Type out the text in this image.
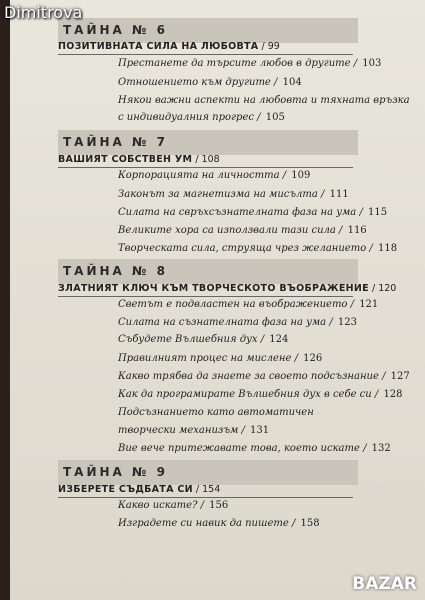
Dimitrova
ТАЙНА № 6
ПОЗИТИВНАТА СИЛА НА ЛЮБОВТА / 99
Престанете да търсите любов в другите / 103
Отношението към другите / 104
Някои важни аспекти на любовта и тяхната връзка
с индивидуалния прогрес / 105
ТАЙНА № 7
ВАШИЯТ СОБСТВЕН УМ / 108
Корпорацията на личността / 109
Законът за магнетизма на мисълта / 111
Силата на свръхсъзнателната фаза на ума / 115
Великите хора са използвали тази сила / 116
Творческата сила, струяща чрез желанието / 118
ТАЙНА № 8
ЗЛАТНИЯТ КЛЮЧ КЪМ ТВОРЧЕСКОТО ВЪОБРАЖЕНИЕ 120
Светът е подвластен на въображението / 121
Силата на съзнателната фаза на ума / 123
Събудете Вълшебния дух / 124
Правилният процес на мислене / 126
Какво трябва да знаете за своето подсъзнание / 127
Как да програмирате Вълшебния дух в себе си / 128
Подсъзнанието като автоматичен
творчески механизъм / 131
Вие вече притежавате това, което искате / 132
ТАЙНА № 9
ИЗБЕРЕТЕ СЪДБАТА СИ / 154
Какво искате? / 156
Изградете си навик да пишете / 158
BAZAR
